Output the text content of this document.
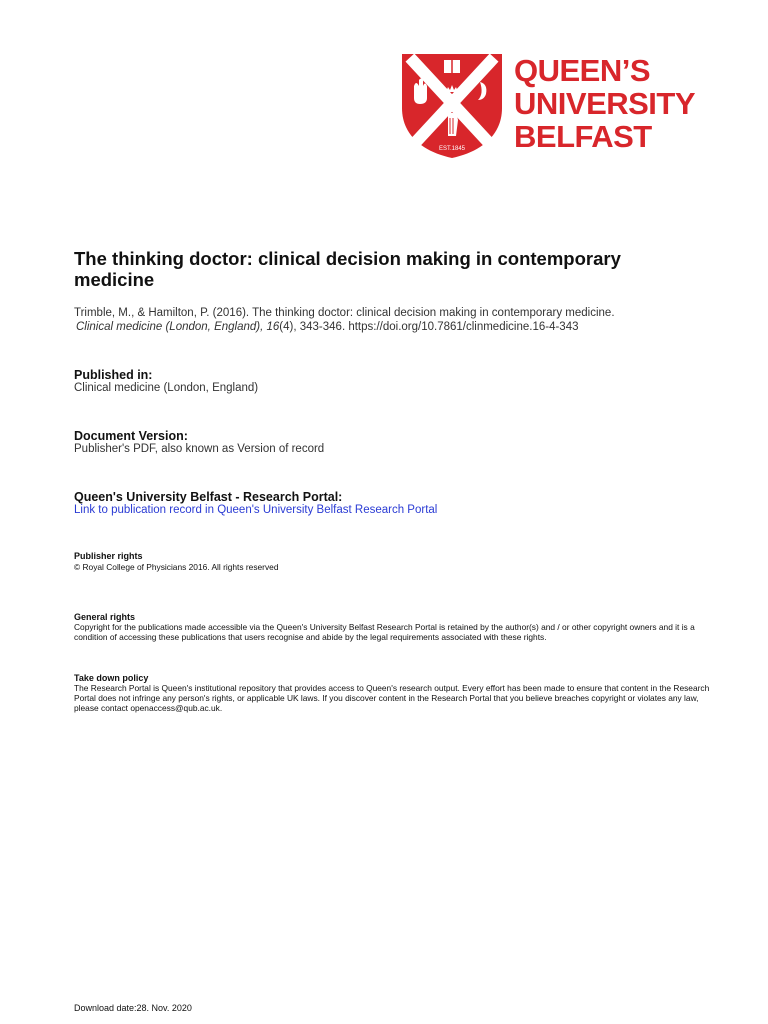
EST.1845
QUEEN’S
UNIVERSITY
BELFAST
The thinking doctor: clinical decision making in contemporary medicine
Trimble, M., & Hamilton, P. (2016). The thinking doctor: clinical decision making in contemporary medicine.
Clinical medicine (London, England), 16(4), 343-346. https://doi.org/10.7861/clinmedicine.16-4-343
Published in:
Clinical medicine (London, England)
Document Version:
Publisher's PDF, also known as Version of record
Queen's University Belfast - Research Portal:
Link to publication record in Queen's University Belfast Research Portal
Publisher rights
© Royal College of Physicians 2016. All rights reserved
General rights
Copyright for the publications made accessible via the Queen's University Belfast Research Portal is retained by the author(s) and / or other copyright owners and it is a condition of accessing these publications that users recognise and abide by the legal requirements associated with these rights.
Take down policy
The Research Portal is Queen's institutional repository that provides access to Queen's research output. Every effort has been made to ensure that content in the Research Portal does not infringe any person's rights, or applicable UK laws. If you discover content in the Research Portal that you believe breaches copyright or violates any law, please contact openaccess@qub.ac.uk.
Download date:28. Nov. 2020
